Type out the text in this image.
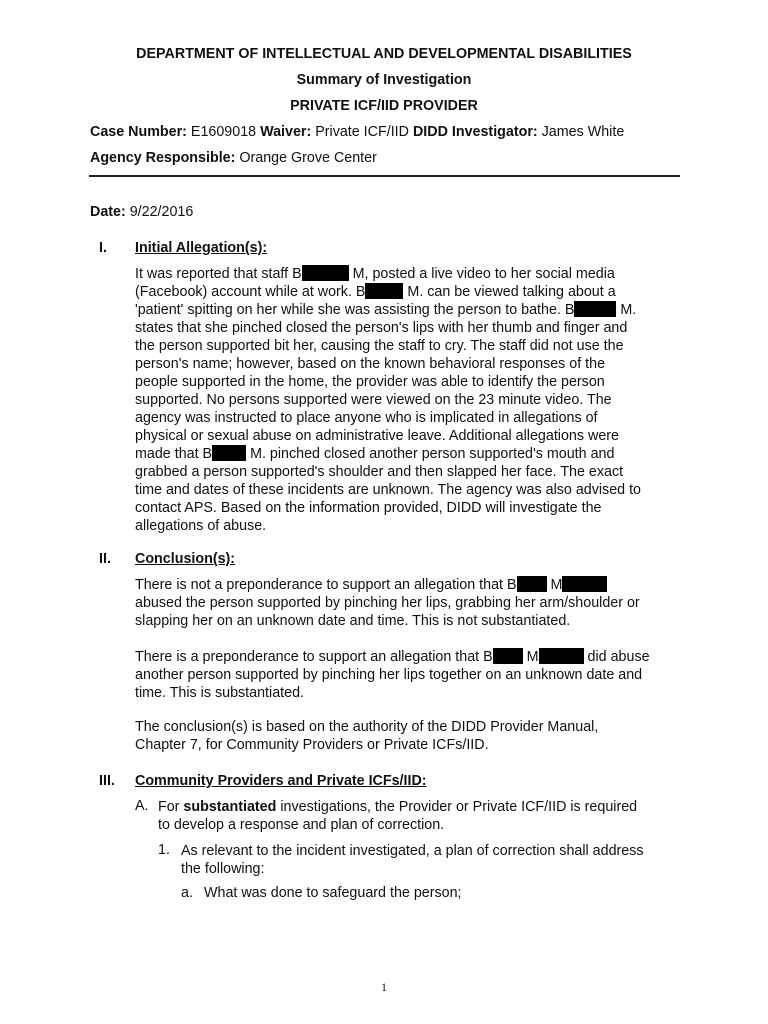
DEPARTMENT OF INTELLECTUAL AND DEVELOPMENTAL DISABILITIES
Summary of Investigation
PRIVATE ICF/IID PROVIDER
Case Number: E1609018 Waiver: Private ICF/IID DIDD Investigator: James White
Agency Responsible: Orange Grove Center
Date: 9/22/2016
I. Initial Allegation(s):
It was reported that staff B	M, posted a live video to her social media
(Facebook) account while at work. B	M. can be viewed talking about a
'patient' spitting on her while she was assisting the person to bathe. B	M.
states that she pinched closed the person's lips with her thumb and finger and
the person supported bit her, causing the staff to cry. The staff did not use the
person's name; however, based on the known behavioral responses of the
people supported in the home, the provider was able to identify the person
supported. No persons supported were viewed on the 23 minute video. The
agency was instructed to place anyone who is implicated in allegations of
physical or sexual abuse on administrative leave. Additional allegations were
made that B M. pinched closed another person supported's mouth and
grabbed a person supported's shoulder and then slapped her face. The exact
time and dates of these incidents are unknown. The agency was also advised to
contact APS. Based on the information provided, DIDD will investigate the
allegations of abuse.
II. Conclusion(s):
There is not a preponderance to support an allegation that B M
abused the person supported by pinching her lips, grabbing her arm/shoulder or
slapping her on an unknown date and time. This is not substantiated.
There is a preponderance to support an allegation that B M	did abuse
another person supported by pinching her lips together on an unknown date and
time. This is substantiated.
The conclusion(s) is based on the authority of the DIDD Provider Manual,
Chapter 7, for Community Providers or Private ICFs/IID.
III. Community Providers and Private ICFs/IID:
A. For substantiated investigations, the Provider or Private ICF/IID is required
to develop a response and plan of correction.
1. As relevant to the incident investigated, a plan of correction shall address
the following:
a. What was done to safeguard the person;
1
